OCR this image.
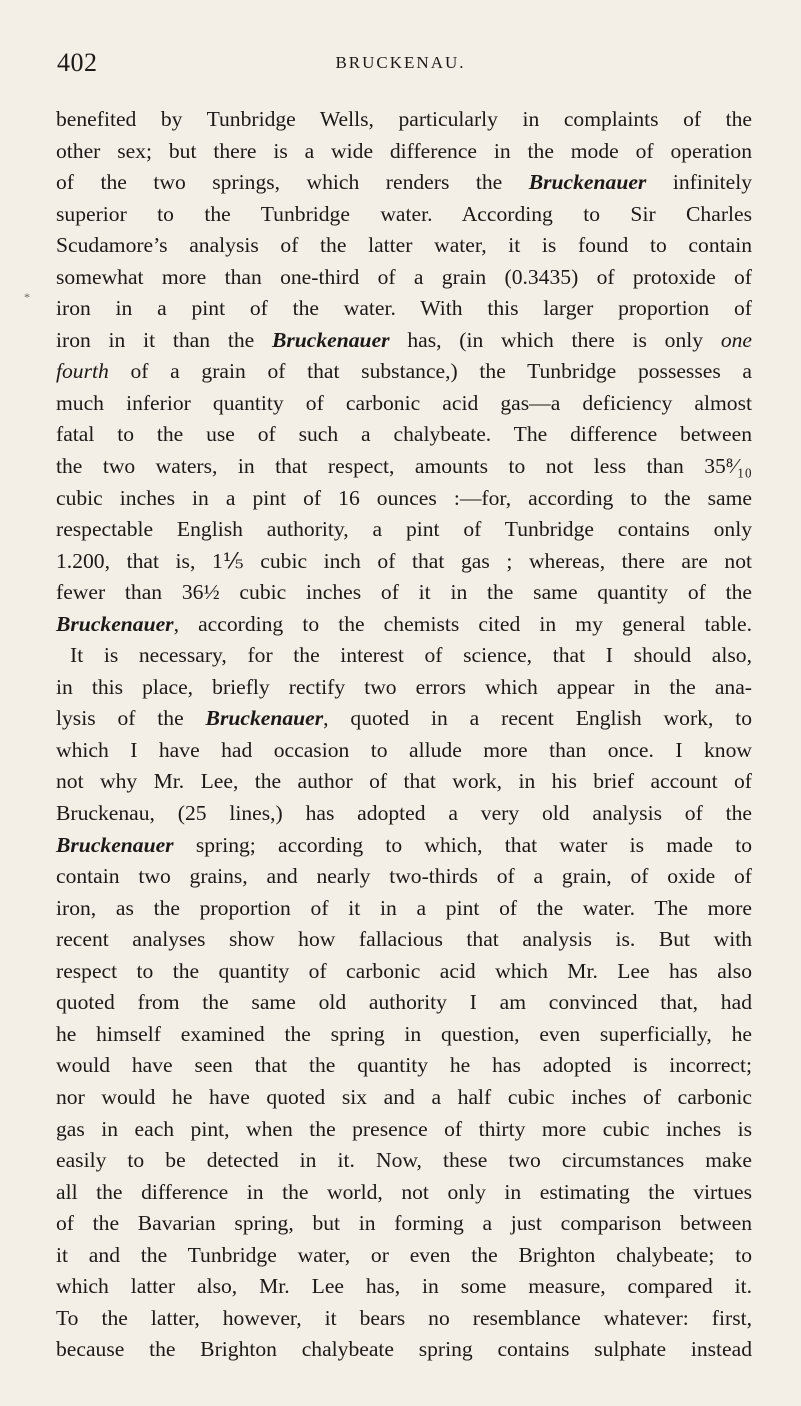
402	BRUCKENAU.
*
benefited by Tunbridge Wells, particularly in complaints of the
other sex; but there is a wide difference in the mode of operation
of the two springs, which renders the Bruckenauer infinitely
superior to the Tunbridge water. According to Sir Charles
Scudamore’s analysis of the latter water, it is found to contain
somewhat more than one-third of a grain (0.3435) of protoxide of
iron in a pint of the water. With this larger proportion of
iron in it than the Bruckenauer has, (in which there is only one
fourth of a grain of that substance,) the Tunbridge possesses a
much inferior quantity of carbonic acid gas—a deficiency almost
fatal to the use of such a chalybeate. The difference between
the two waters, in that respect, amounts to not less than 35⁸⁄₁₀
cubic inches in a pint of 16 ounces :—for, according to the same
respectable English authority, a pint of Tunbridge contains only
1.200, that is, 1⅕ cubic inch of that gas ; whereas, there are not
fewer than 36½ cubic inches of it in the same quantity of the
Bruckenauer, according to the chemists cited in my general table.
It is necessary, for the interest of science, that I should also,
in this place, briefly rectify two errors which appear in the ana-
lysis of the Bruckenauer, quoted in a recent English work, to
which I have had occasion to allude more than once. I know
not why Mr. Lee, the author of that work, in his brief account of
Bruckenau, (25 lines,) has adopted a very old analysis of the
Bruckenauer spring; according to which, that water is made to
contain two grains, and nearly two-thirds of a grain, of oxide of
iron, as the proportion of it in a pint of the water. The more
recent analyses show how fallacious that analysis is. But with
respect to the quantity of carbonic acid which Mr. Lee has also
quoted from the same old authority I am convinced that, had
he himself examined the spring in question, even superficially, he
would have seen that the quantity he has adopted is incorrect;
nor would he have quoted six and a half cubic inches of carbonic
gas in each pint, when the presence of thirty more cubic inches is
easily to be detected in it. Now, these two circumstances make
all the difference in the world, not only in estimating the virtues
of the Bavarian spring, but in forming a just comparison between
it and the Tunbridge water, or even the Brighton chalybeate; to
which latter also, Mr. Lee has, in some measure, compared it.
To the latter, however, it bears no resemblance whatever: first,
because the Brighton chalybeate spring contains sulphate instead
